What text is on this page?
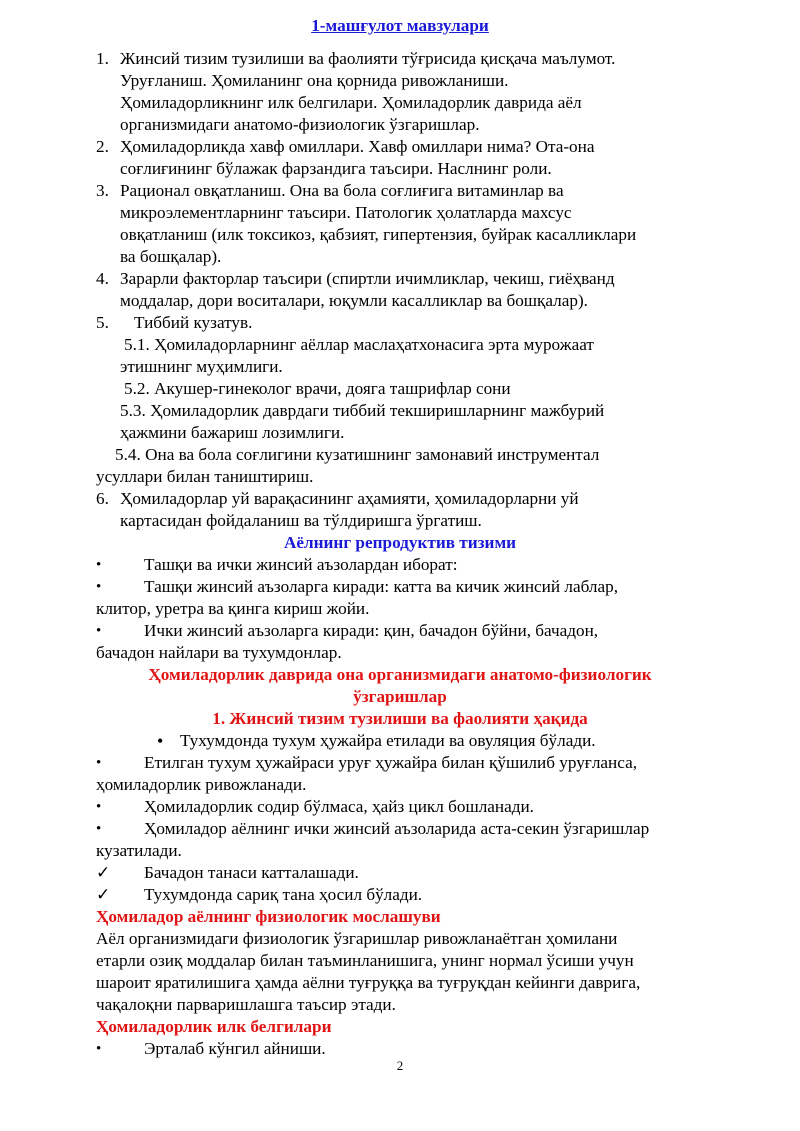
1-машғулот мавзулари
1. Жинсий тизим тузилиши ва фаолияти тўғрисида қисқача маълумот.
Уруғланиш. Ҳомиланинг она қорнида ривожланиши.
Ҳомиладорликнинг илк белгилари. Ҳомиладорлик даврида аёл
организмидаги анатомо-физиологик ўзгаришлар.
2. Ҳомиладорликда хавф омиллари. Хавф омиллари нима? Ота-она
соғлиғининг бўлажак фарзандига таъсири. Наслнинг роли.
3. Рационал овқатланиш. Она ва бола соғлиғига витаминлар ва
микроэлементларнинг таъсири. Патологик ҳолатларда махсус
овқатланиш (илк токсикоз, қабзият, гипертензия, буйрак касалликлари
ва бошқалар).
4. Зарарли факторлар таъсири (спиртли ичимликлар, чекиш, гиёҳванд
моддалар, дори воситалари, юқумли касалликлар ва бошқалар).
5. Тиббий кузатув.
5.1. Ҳомиладорларнинг аёллар маслаҳатхонасига эрта мурожаат
этишнинг муҳимлиги.
5.2. Акушер-гинеколог врачи, дояга ташрифлар сони
5.3. Ҳомиладорлик даврдаги тиббий текширишларнинг мажбурий
ҳажмини бажариш лозимлиги.
5.4. Она ва бола соғлигини кузатишнинг замонавий инструментал
усуллари билан таништириш.
6. Ҳомиладорлар уй варақасининг аҳамияти, ҳомиладорларни уй
картасидан фойдаланиш ва тўлдиришга ўргатиш.
Аёлнинг репродуктив тизими
• Ташқи ва ички жинсий аъзолардан иборат:
• Ташқи жинсий аъзоларга киради: катта ва кичик жинсий лаблар,
клитор, уретра ва қинга кириш жойи.
• Ички жинсий аъзоларга киради: қин, бачадон бўйни, бачадон,
бачадон найлари ва тухумдонлар.
Ҳомиладорлик даврида она организмидаги анатомо-физиологик
ўзгаришлар
1. Жинсий тизим тузилиши ва фаолияти ҳақида
• Тухумдонда тухум ҳужайра етилади ва овуляция бўлади.
• Етилган тухум ҳужайраси уруғ ҳужайра билан қўшилиб уруғланса,
ҳомиладорлик ривожланади.
• Ҳомиладорлик содир бўлмаса, ҳайз цикл бошланади.
• Ҳомиладор аёлнинг ички жинсий аъзоларида аста-секин ўзгаришлар
кузатилади.
✓ Бачадон танаси катталашади.
✓ Тухумдонда сариқ тана ҳосил бўлади.
Ҳомиладор аёлнинг физиологик мослашуви
Аёл организмидаги физиологик ўзгаришлар ривожланаётган ҳомилани
етарли озиқ моддалар билан таъминланишига, унинг нормал ўсиши учун
шароит яратилишига ҳамда аёлни туғруққа ва туғруқдан кейинги даврига,
чақалоқни парваришлашга таъсир этади.
Ҳомиладорлик илк белгилари
• Эрталаб кўнгил айниши.
2
